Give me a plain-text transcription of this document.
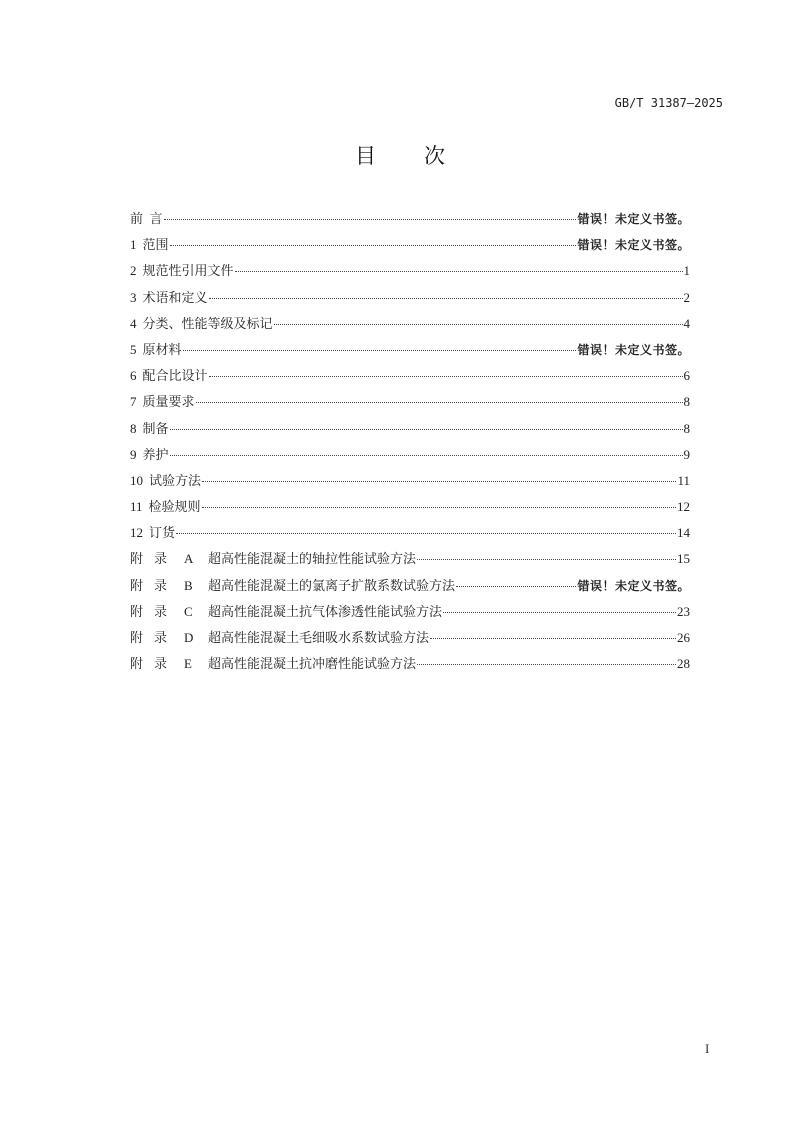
GB/T 31387—2025
目 次
前  言	错误！未定义书签。
1 范围	错误！未定义书签。
2 规范性引用文件	1
3 术语和定义	2
4 分类、性能等级及标记	4
5 原材料	错误！未定义书签。
6 配合比设计	6
7 质量要求	8
8 制备	8
9 养护	9
10 试验方法	11
11 检验规则	12
12 订货	14
附 录 A 超高性能混凝土的轴拉性能试验方法	15
附 录 B 超高性能混凝土的氯离子扩散系数试验方法	错误！未定义书签。
附 录 C 超高性能混凝土抗气体渗透性能试验方法	23
附 录 D 超高性能混凝土毛细吸水系数试验方法	26
附 录 E 超高性能混凝土抗冲磨性能试验方法	28
I
